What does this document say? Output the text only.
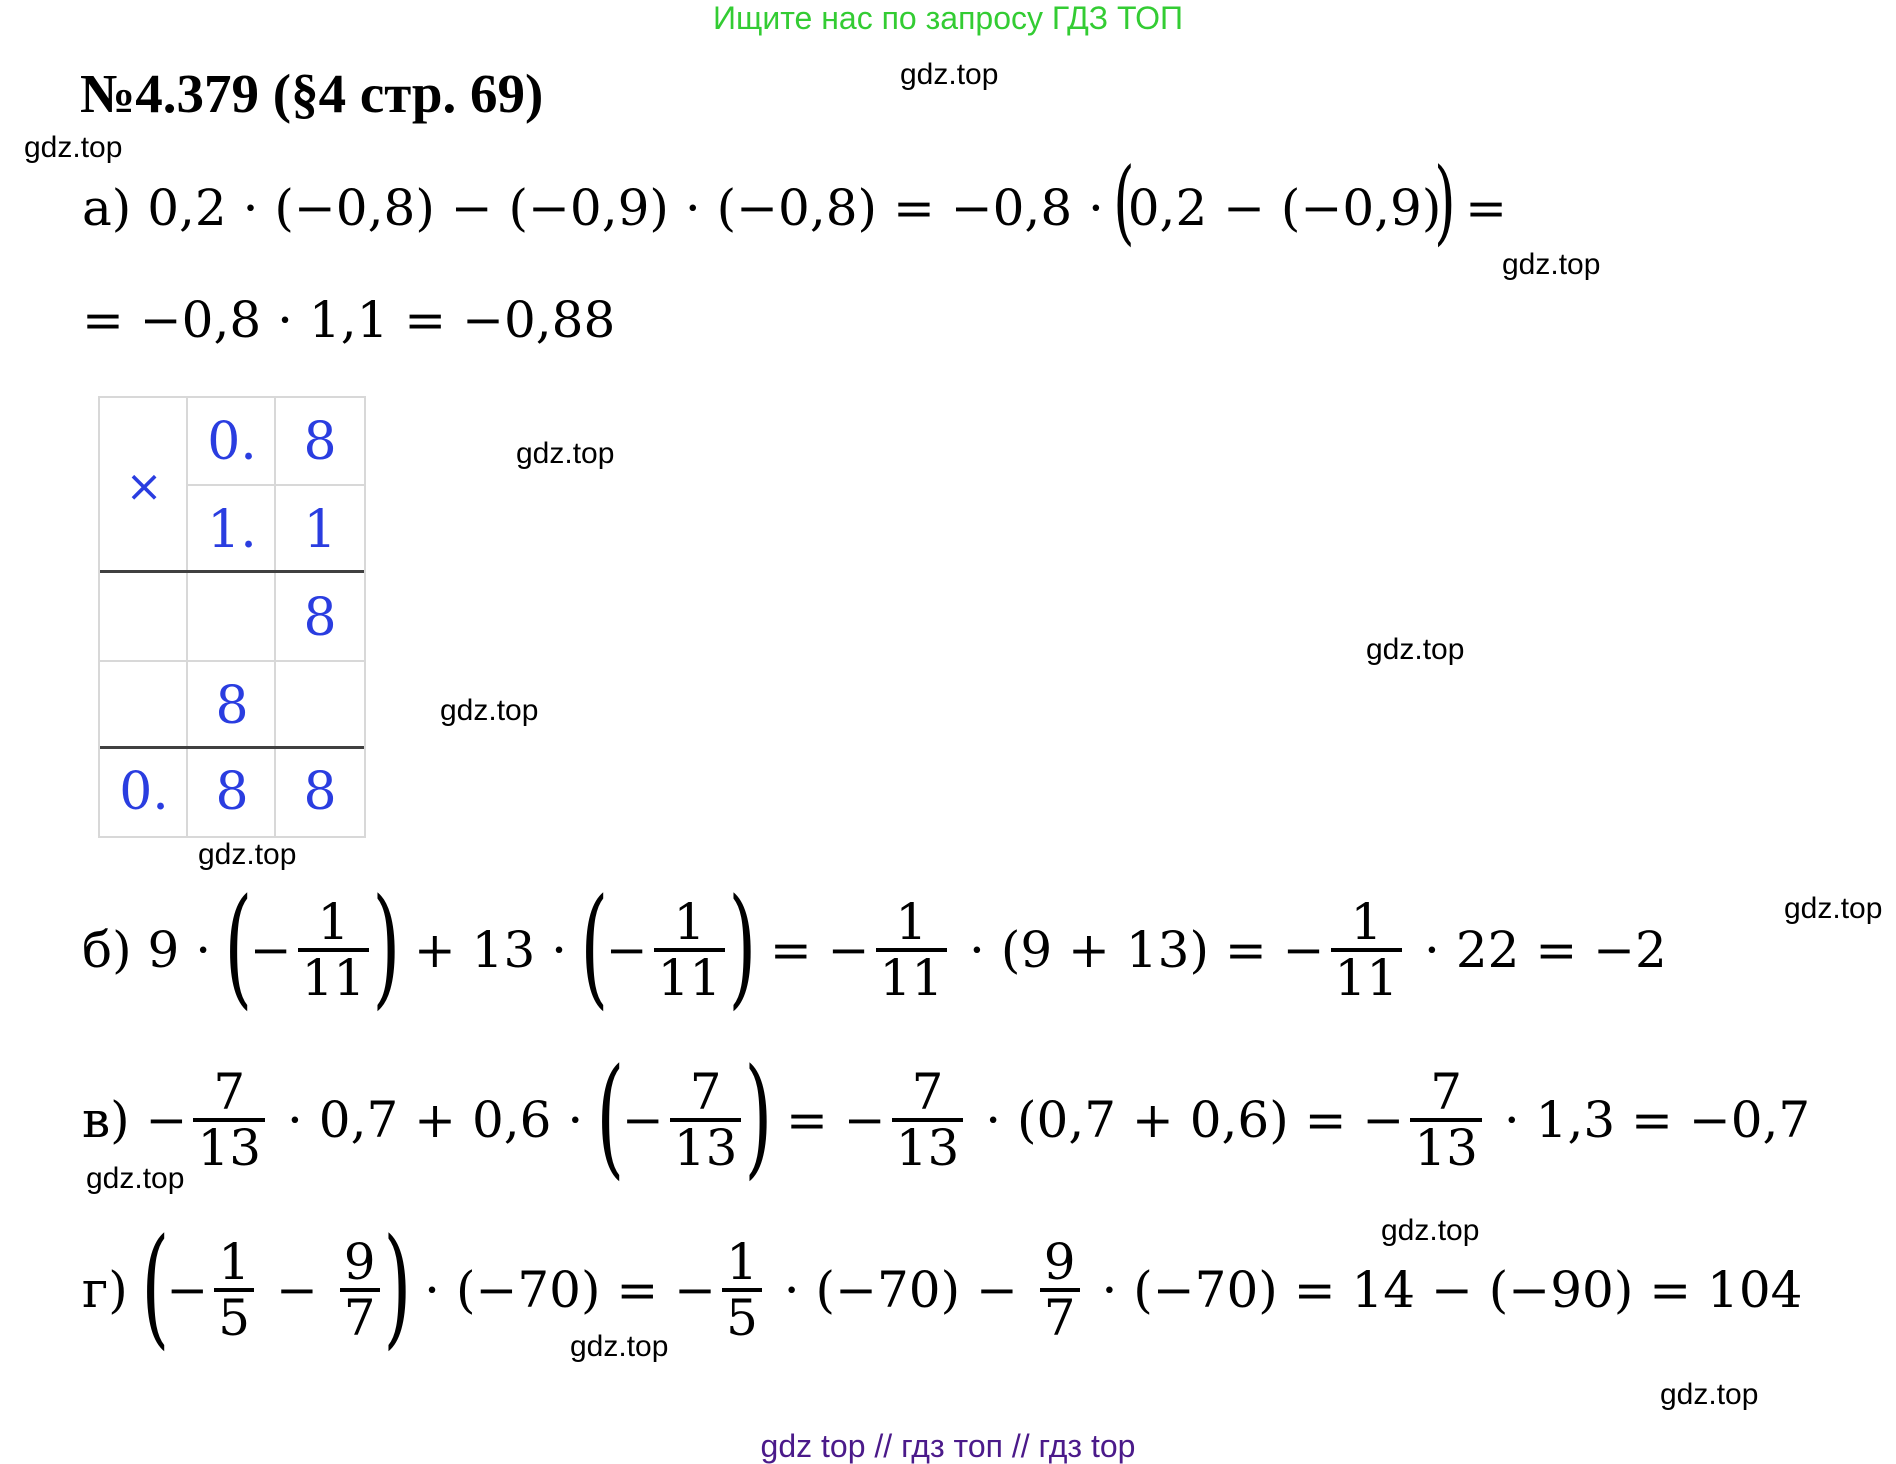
Ищите нас по запросу ГДЗ ТОП
№4.379 (§4 стр. 69)	gdz.top
gdz.top
gdz.top
gdz.top
gdz.top
gdz.top
gdz.top
gdz.top
gdz.top
gdz.top
gdz.top
gdz.top
а) 0,2 · (−0,8) − (−0,9) · (−0,8) = −0,8 ·
(
0,2 − (−0,9)
)
=
= −0,8 · 1,1 = −0,88
×
0. 8
1. 1
8
8
0. 8	8
б) 9 ·
(
− $\frac{1}{11}$ )
+ 13 ·
(
− $\frac{1}{11}$ )
= − $\frac{1}{11} \cdot (9 + 13)$ = − $\frac{1}{11} \cdot 22 = -2$
$в) - \frac{7}{13} \cdot 0,7 + 0,6$ ·
(
− $\frac{7}{13}$ )
= − $\frac{7}{13} \cdot (0,7 + 0,6)$ = − $\frac{7}{13} \cdot 1,3 = -0,7$
г)
(
− $\frac{1}{5} - \frac{9}{7}$ )
· (−70) = − $\frac{1}{5} \cdot (-70) - \frac{9}{7} \cdot (-70) = 14 - (-90) = 104$
gdz top // гдз топ // гдз top
